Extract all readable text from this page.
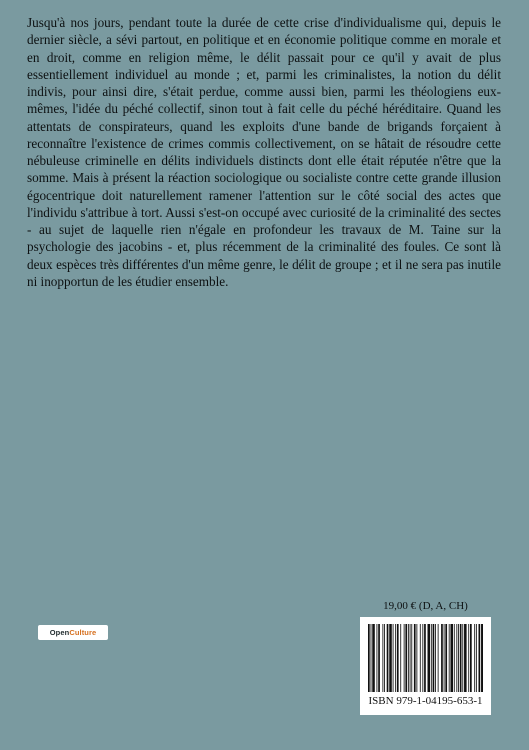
Jusqu'à nos jours, pendant toute la durée de cette crise d'individualisme qui, depuis le dernier siècle, a sévi partout, en politique et en économie politique comme en morale et en droit, comme en religion même, le délit passait pour ce qu'il y avait de plus essentiellement individuel au monde ; et, parmi les criminalistes, la notion du délit indivis, pour ainsi dire, s'était perdue, comme aussi bien, parmi les théologiens eux-mêmes, l'idée du péché collectif, sinon tout à fait celle du péché héréditaire. Quand les attentats de conspirateurs, quand les exploits d'une bande de brigands forçaient à reconnaître l'existence de crimes commis collectivement, on se hâtait de résoudre cette nébuleuse criminelle en délits individuels distincts dont elle était réputée n'être que la somme. Mais à présent la réaction sociologique ou socialiste contre cette grande illusion égocentrique doit naturellement ramener l'attention sur le côté social des actes que l'individu s'attribue à tort. Aussi s'est-on occupé avec curiosité de la criminalité des sectes - au sujet de laquelle rien n'égale en profondeur les travaux de M. Taine sur la psychologie des jacobins - et, plus récemment de la criminalité des foules. Ce sont là deux espèces très différentes d'un même genre, le délit de groupe ; et il ne sera pas inutile ni inopportun de les étudier ensemble.

Open Culture

19,00 € (D, A, CH)

ISBN 979-1-04195-653-1
